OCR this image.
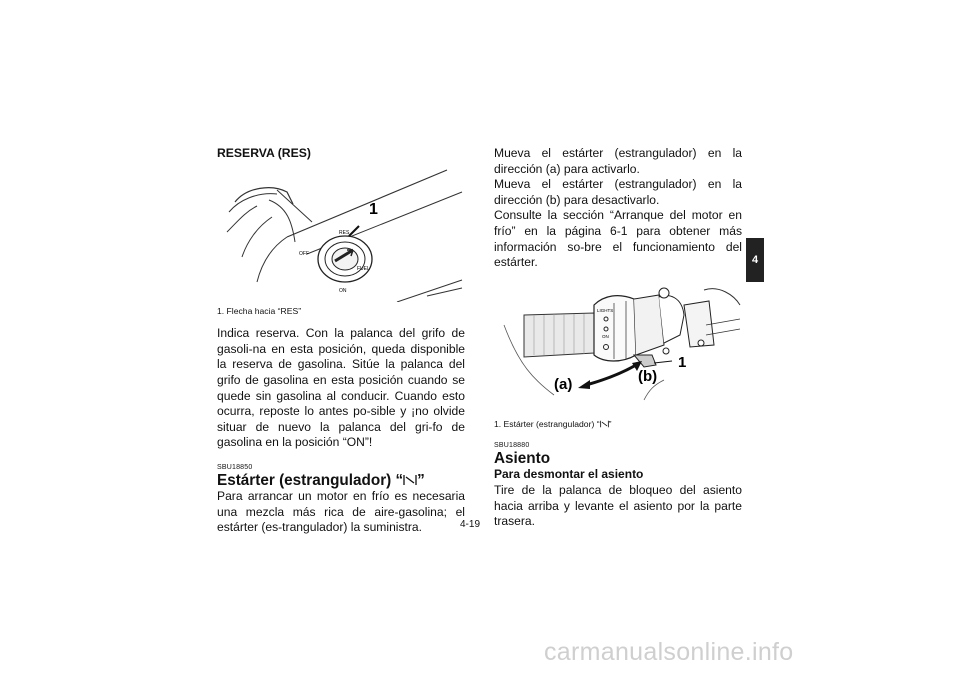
RESERVA (RES)

1
RES
OFF
FUEL
ON

1. Flecha hacia “RES”

Indica reserva. Con la palanca del grifo de gasoli-na en esta posición, queda disponible la reserva de gasolina. Sitúe la palanca del grifo de gasolina en esta posición cuando se quede sin gasolina al conducir. Cuando esto ocurra, reposte lo antes po-sible y ¡no olvide situar de nuevo la palanca del gri-fo de gasolina en la posición “ON”!

SBU18850

Estárter (estrangulador) “ ”

Para arrancar un motor en frío es necesaria una mezcla más rica de aire-gasolina; el estárter (es-trangulador) la suministra.

Mueva el estárter (estrangulador) en la dirección (a) para activarlo.

Mueva el estárter (estrangulador) en la dirección (b) para desactivarlo.

Consulte la sección “Arranque del motor en frío” en la página 6-1 para obtener más información so-bre el funcionamiento del estárter.

LIGHTS
ON
1
(a)	(b)

1. Estárter (estrangulador) “ ”

SBU18880

Asiento

Para desmontar el asiento

Tire de la palanca de bloqueo del asiento hacia arriba y levante el asiento por la parte trasera.

4
4-19
carmanualsonline.info
